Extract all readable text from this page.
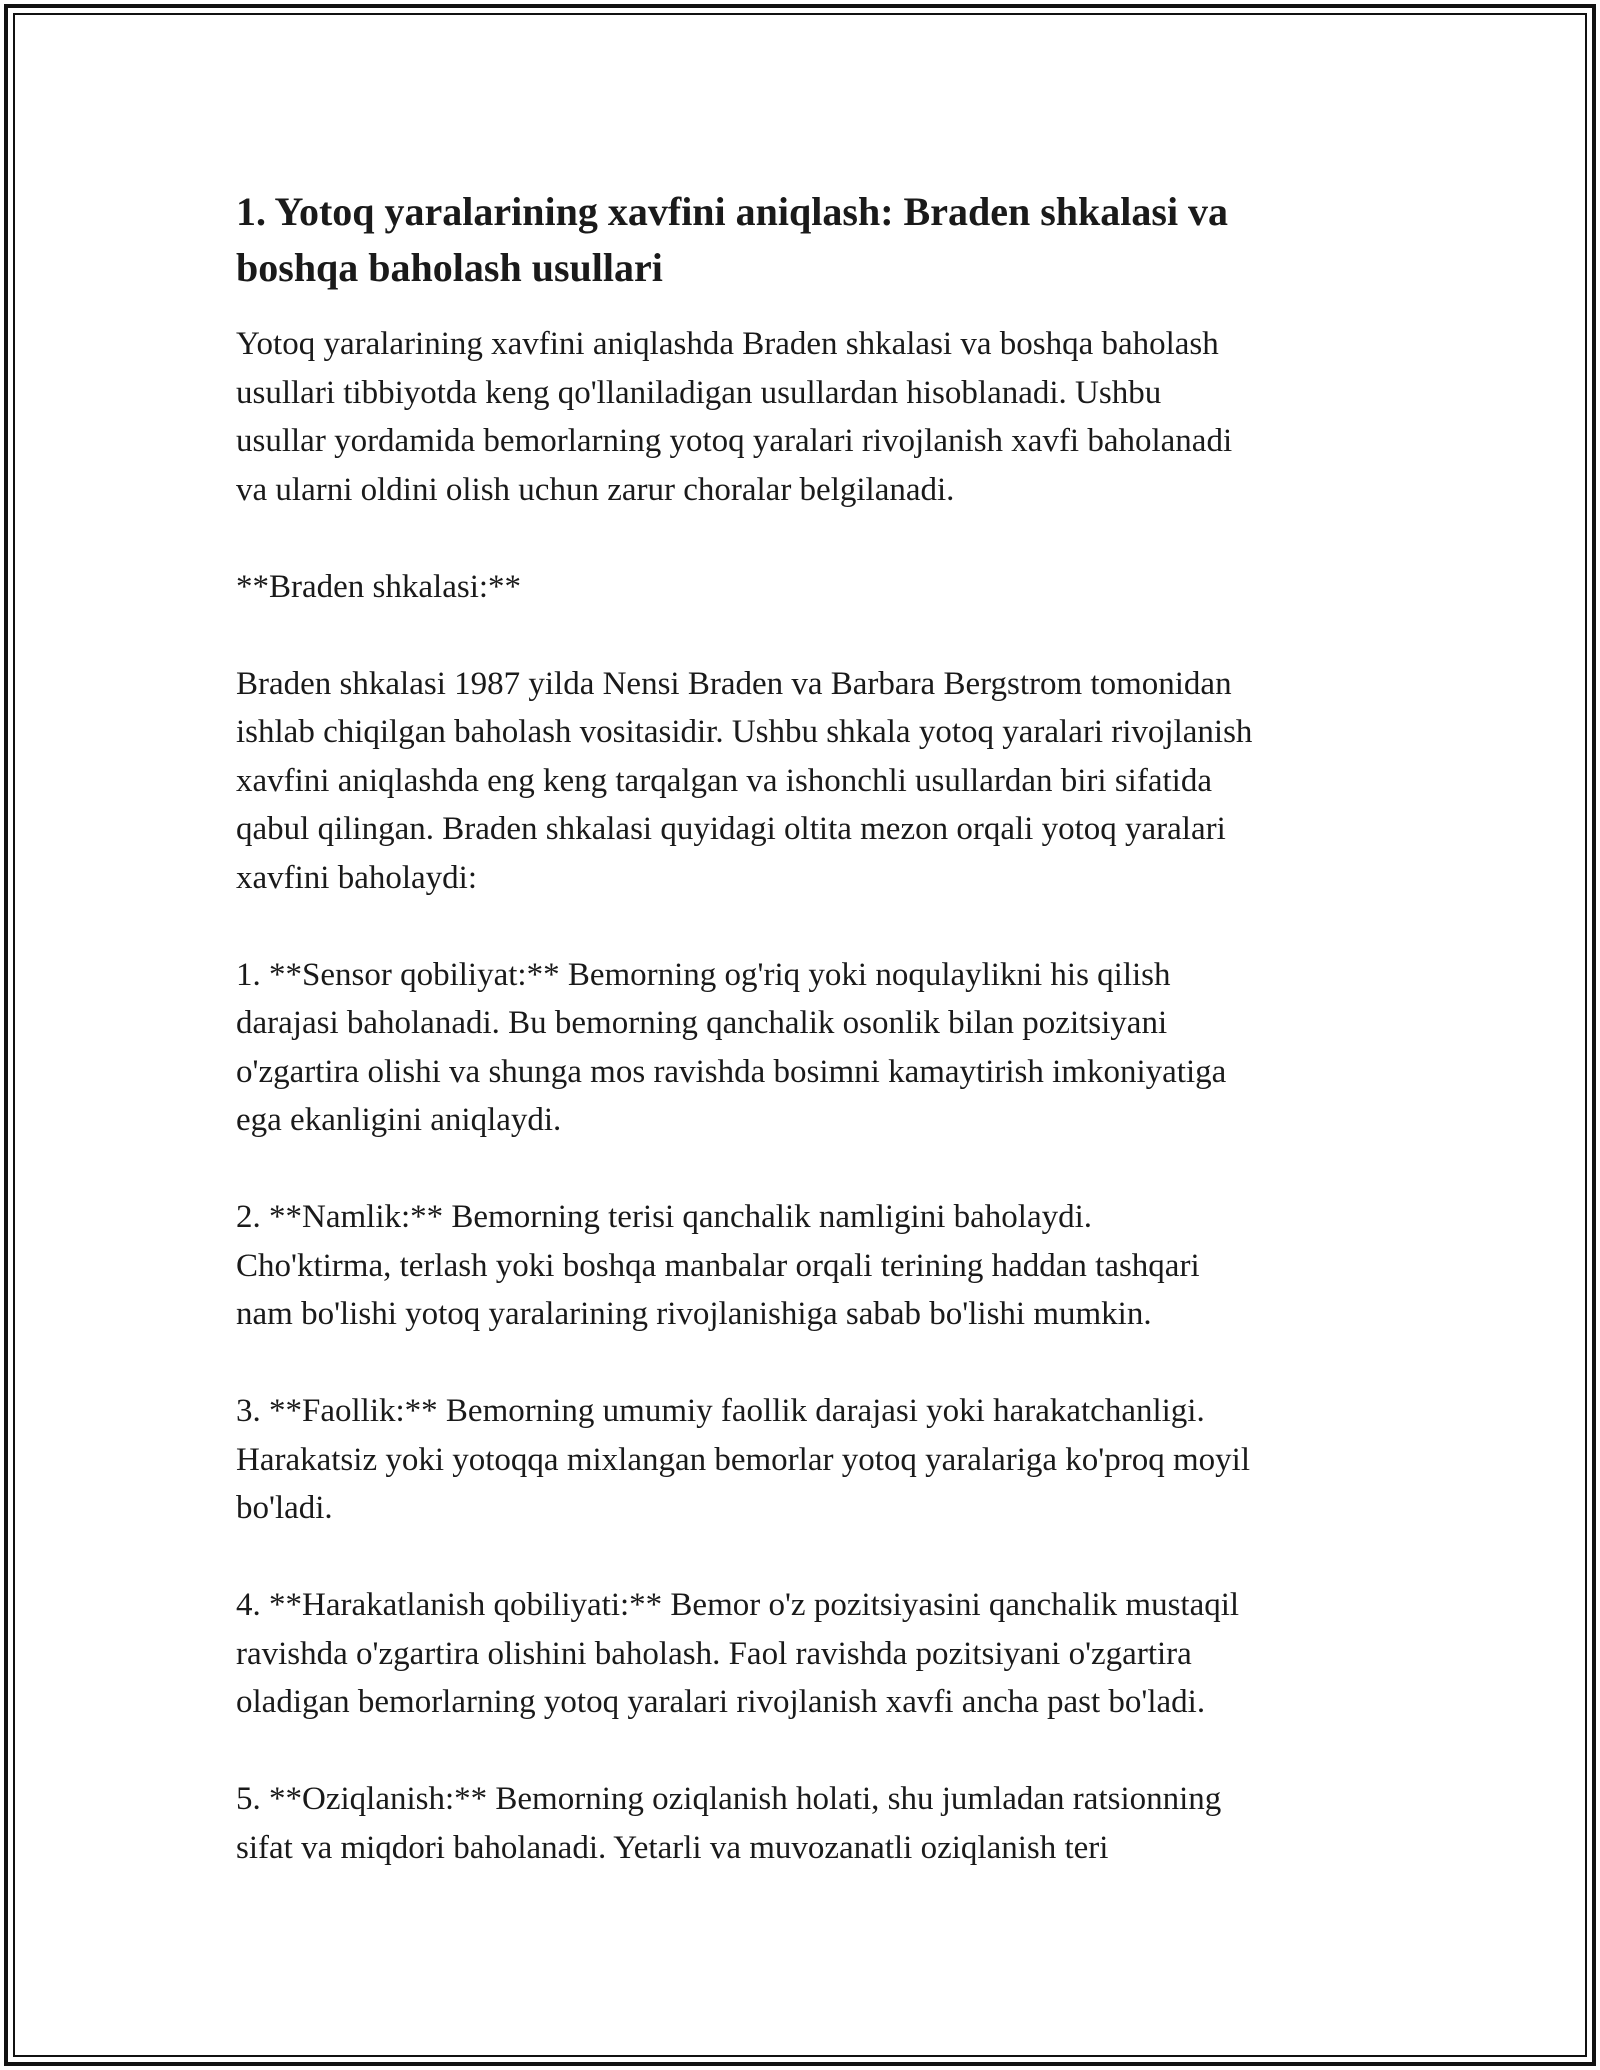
1. Yotoq yaralarining xavfini aniqlash: Braden shkalasi va
boshqa baholash usullari

Yotoq yaralarining xavfini aniqlashda Braden shkalasi va boshqa baholash
usullari tibbiyotda keng qo'llaniladigan usullardan hisoblanadi. Ushbu
usullar yordamida bemorlarning yotoq yaralari rivojlanish xavfi baholanadi
va ularni oldini olish uchun zarur choralar belgilanadi.

**Braden shkalasi:**

Braden shkalasi 1987 yilda Nensi Braden va Barbara Bergstrom tomonidan
ishlab chiqilgan baholash vositasidir. Ushbu shkala yotoq yaralari rivojlanish
xavfini aniqlashda eng keng tarqalgan va ishonchli usullardan biri sifatida
qabul qilingan. Braden shkalasi quyidagi oltita mezon orqali yotoq yaralari
xavfini baholaydi:

1. **Sensor qobiliyat:** Bemorning og'riq yoki noqulaylikni his qilish
darajasi baholanadi. Bu bemorning qanchalik osonlik bilan pozitsiyani
o'zgartira olishi va shunga mos ravishda bosimni kamaytirish imkoniyatiga
ega ekanligini aniqlaydi.

2. **Namlik:** Bemorning terisi qanchalik namligini baholaydi.
Cho'ktirma, terlash yoki boshqa manbalar orqali terining haddan tashqari
nam bo'lishi yotoq yaralarining rivojlanishiga sabab bo'lishi mumkin.

3. **Faollik:** Bemorning umumiy faollik darajasi yoki harakatchanligi.
Harakatsiz yoki yotoqqa mixlangan bemorlar yotoq yaralariga ko'proq moyil
bo'ladi.

4. **Harakatlanish qobiliyati:** Bemor o'z pozitsiyasini qanchalik mustaqil
ravishda o'zgartira olishini baholash. Faol ravishda pozitsiyani o'zgartira
oladigan bemorlarning yotoq yaralari rivojlanish xavfi ancha past bo'ladi.

5. **Oziqlanish:** Bemorning oziqlanish holati, shu jumladan ratsionning
sifat va miqdori baholanadi. Yetarli va muvozanatli oziqlanish teri
